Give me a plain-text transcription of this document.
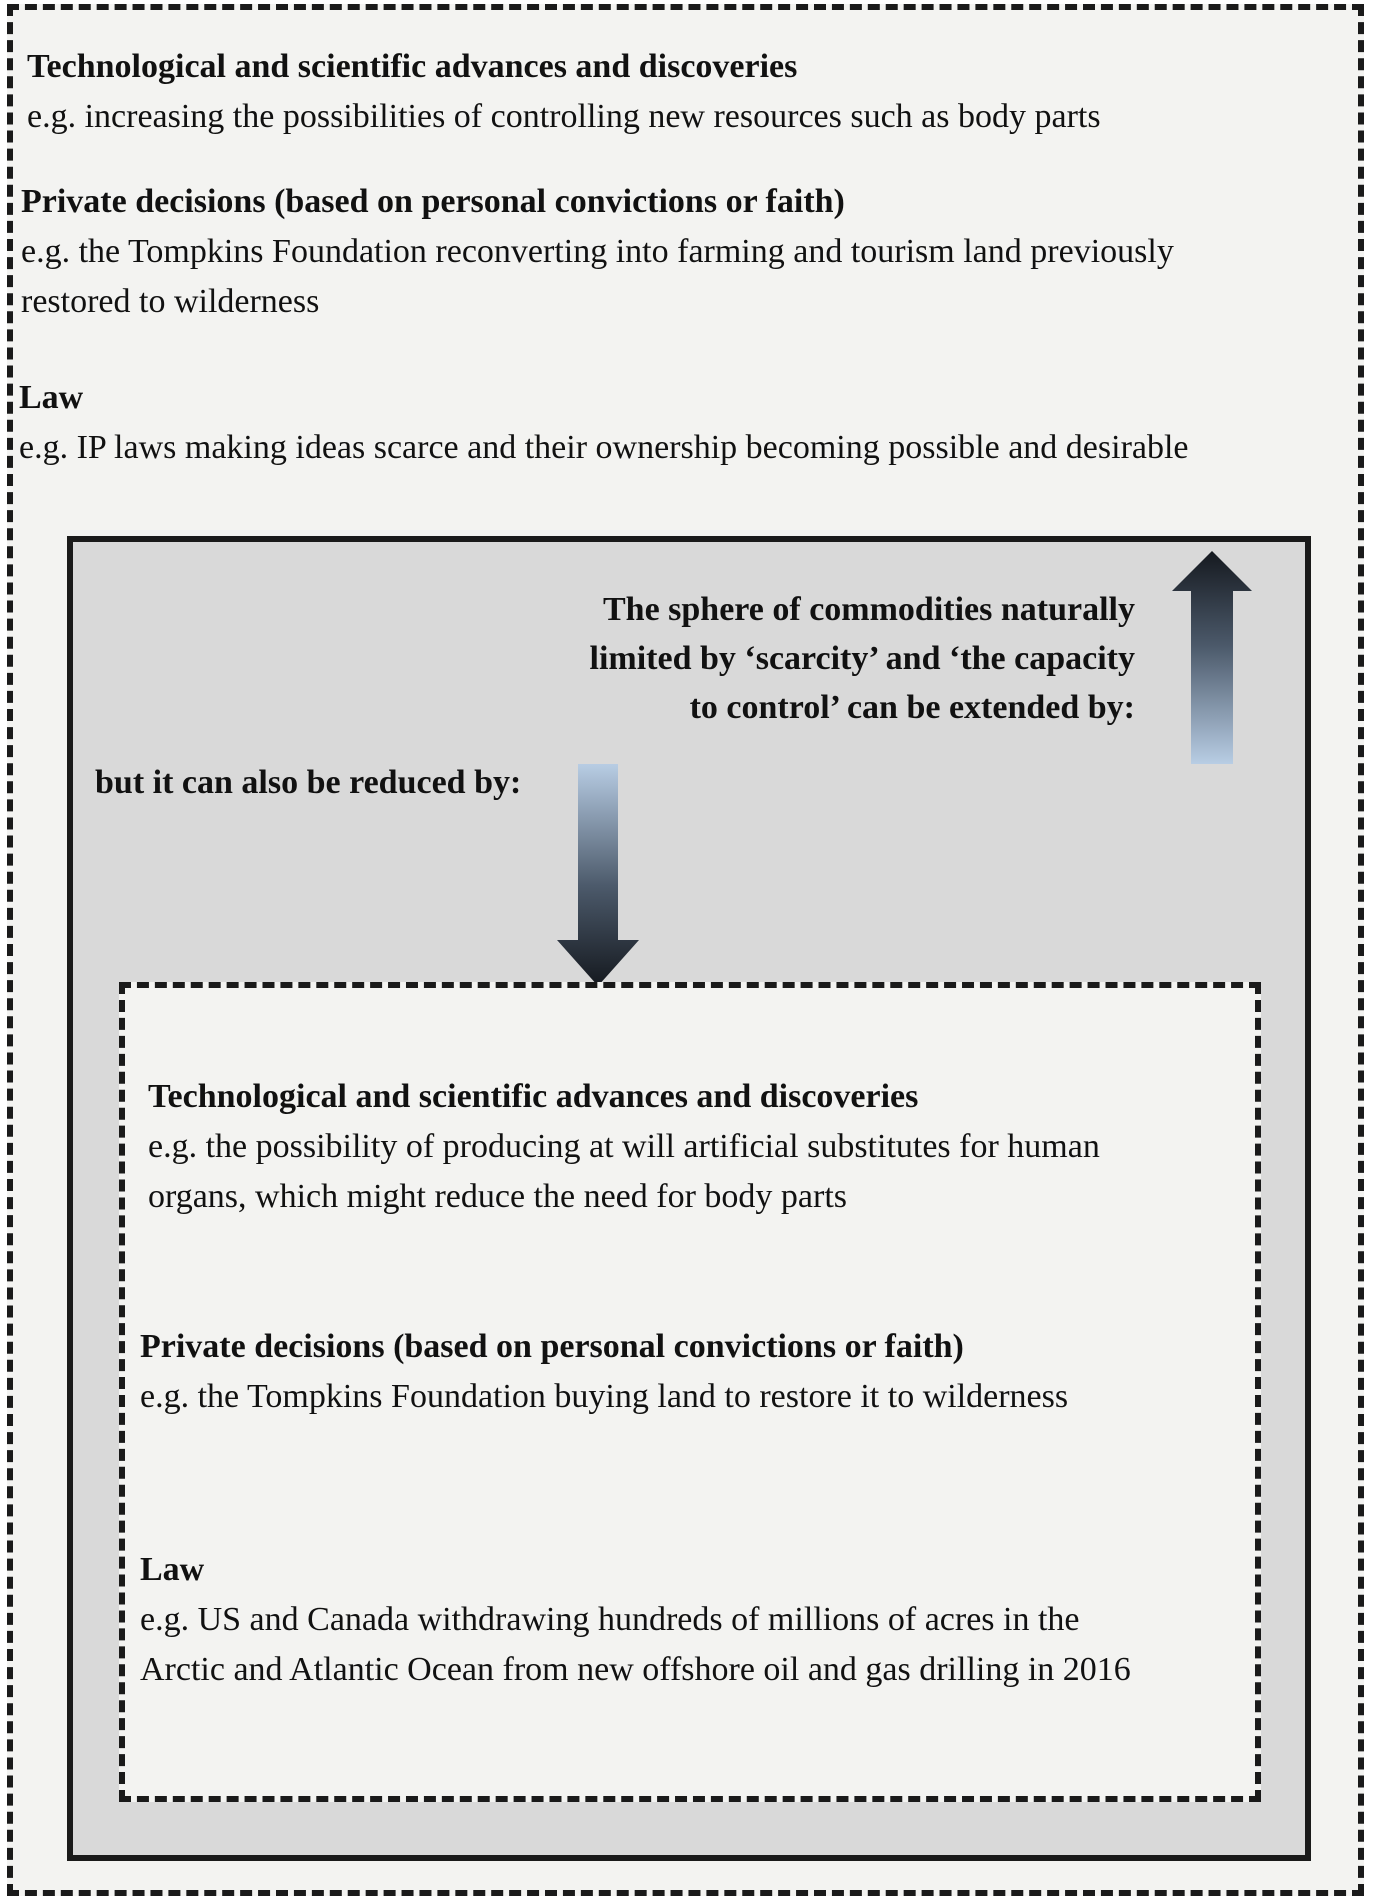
Technological and scientific advances and discoveries
e.g. increasing the possibilities of controlling new resources such as body parts
Private decisions (based on personal convictions or faith)
e.g. the Tompkins Foundation reconverting into farming and tourism land previously
restored to wilderness
Law
e.g. IP laws making ideas scarce and their ownership becoming possible and desirable
The sphere of commodities naturally
limited by ‘scarcity’ and ‘the capacity
to control’ can be extended by:
but it can also be reduced by:
Technological and scientific advances and discoveries
e.g. the possibility of producing at will artificial substitutes for human
organs, which might reduce the need for body parts
Private decisions (based on personal convictions or faith)
e.g. the Tompkins Foundation buying land to restore it to wilderness
Law
e.g. US and Canada withdrawing hundreds of millions of acres in the
Arctic and Atlantic Ocean from new offshore oil and gas drilling in 2016
